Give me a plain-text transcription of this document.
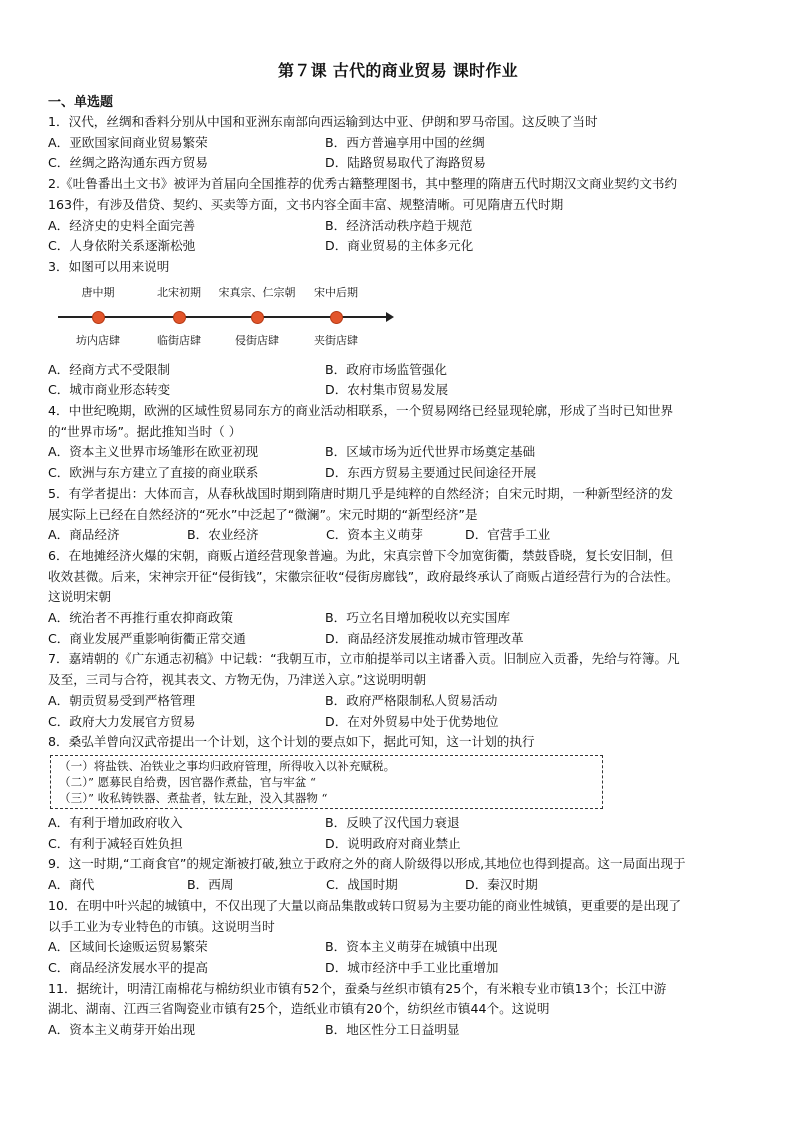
第７课 古代的商业贸易 课时作业
一、单选题
1．汉代，丝绸和香料分别从中国和亚洲东南部向西运输到达中亚、伊朗和罗马帝国。这反映了当时
A．亚欧国家间商业贸易繁荣	B．西方普遍享用中国的丝绸
C．丝绸之路沟通东西方贸易	D．陆路贸易取代了海路贸易
2.《吐鲁番出土文书》被评为首届向全国推荐的优秀古籍整理图书，其中整理的隋唐五代时期汉文商业契约文书约
163件，有涉及借贷、契约、买卖等方面，文书内容全面丰富、规整清晰。可见隋唐五代时期
A．经济史的史料全面完善	B．经济活动秩序趋于规范
C．人身依附关系逐渐松弛	D．商业贸易的主体多元化
3．如图可以用来说明
唐中期	北宋初期 宋真宗、仁宗朝 宋中后期
坊内店肆	临街店肆	侵街店肆	夹街店肆
A．经商方式不受限制	B．政府市场监管强化
C．城市商业形态转变	D．农村集市贸易发展
4．中世纪晚期，欧洲的区域性贸易同东方的商业活动相联系，一个贸易网络已经显现轮廓，形成了当时已知世界
的“世界市场”。据此推知当时（ ）
A．资本主义世界市场雏形在欧亚初现	B．区域市场为近代世界市场奠定基础
C．欧洲与东方建立了直接的商业联系	D．东西方贸易主要通过民间途径开展
5．有学者提出：大体而言，从春秋战国时期到隋唐时期几乎是纯粹的自然经济；自宋元时期，一种新型经济的发
展实际上已经在自然经济的“死水”中泛起了“微澜”。宋元时期的“新型经济”是
A．商品经济	B．农业经济	C．资本主义萌芽	D．官营手工业
6．在地摊经济火爆的宋朝，商贩占道经营现象普遍。为此，宋真宗曾下令加宽街衢，禁鼓昏晓，复长安旧制，但
收效甚微。后来，宋神宗开征“侵街钱”，宋徽宗征收“侵街房廊钱”，政府最终承认了商贩占道经营行为的合法性。
这说明宋朝
A．统治者不再推行重农抑商政策	B．巧立名目增加税收以充实国库
C．商业发展严重影响街衢正常交通	D．商品经济发展推动城市管理改革
7．嘉靖朝的《广东通志初稿》中记载：“我朝互市，立市舶提举司以主诸番入贡。旧制应入贡番，先给与符簿。凡
及至，三司与合符，视其表文、方物无伪，乃津送入京。”这说明明朝
A．朝贡贸易受到严格管理	B．政府严格限制私人贸易活动
C．政府大力发展官方贸易	D．在对外贸易中处于优势地位
8．桑弘羊曾向汉武帝提出一个计划，这个计划的要点如下，据此可知，这一计划的执行
（一）将盐铁、冶铁业之事均归政府管理，所得收入以补充赋税。
（二）” 愿募民自给费，因官器作煮盐，官与牢盆 “
（三）” 收私铸铁器、煮盐者，钛左趾，没入其器物 “
A．有利于增加政府收入	B．反映了汉代国力衰退
C．有利于减轻百姓负担	D．说明政府对商业禁止
9．这一时期,“工商食官”的规定渐被打破,独立于政府之外的商人阶级得以形成,其地位也得到提高。这一局面出现于
A．商代	B．西周	C．战国时期	D．秦汉时期
10．在明中叶兴起的城镇中，不仅出现了大量以商品集散或转口贸易为主要功能的商业性城镇，更重要的是出现了
以手工业为专业特色的市镇。这说明当时
A．区域间长途贩运贸易繁荣	B．资本主义萌芽在城镇中出现
C．商品经济发展水平的提高	D．城市经济中手工业比重增加
11．据统计，明清江南棉花与棉纺织业市镇有52个，蚕桑与丝织市镇有25个，有米粮专业市镇13个；长江中游
湖北、湖南、江西三省陶瓷业市镇有25个，造纸业市镇有20个，纺织丝市镇44个。这说明
A．资本主义萌芽开始出现	B．地区性分工日益明显
